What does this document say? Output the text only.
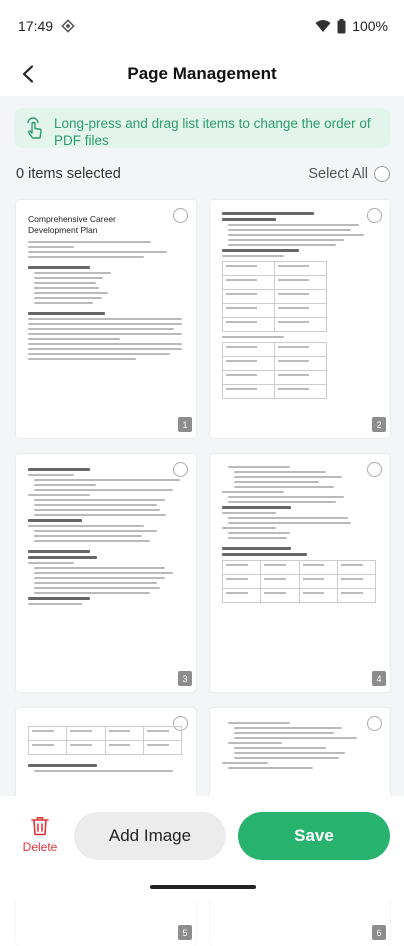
17:49	100%
Page Management
Long-press and drag list items to change the order of PDF files
0 items selected	Select All
Comprehensive Career Development Plan
1	2
3	4
5	6
Delete
Add Image	Save
